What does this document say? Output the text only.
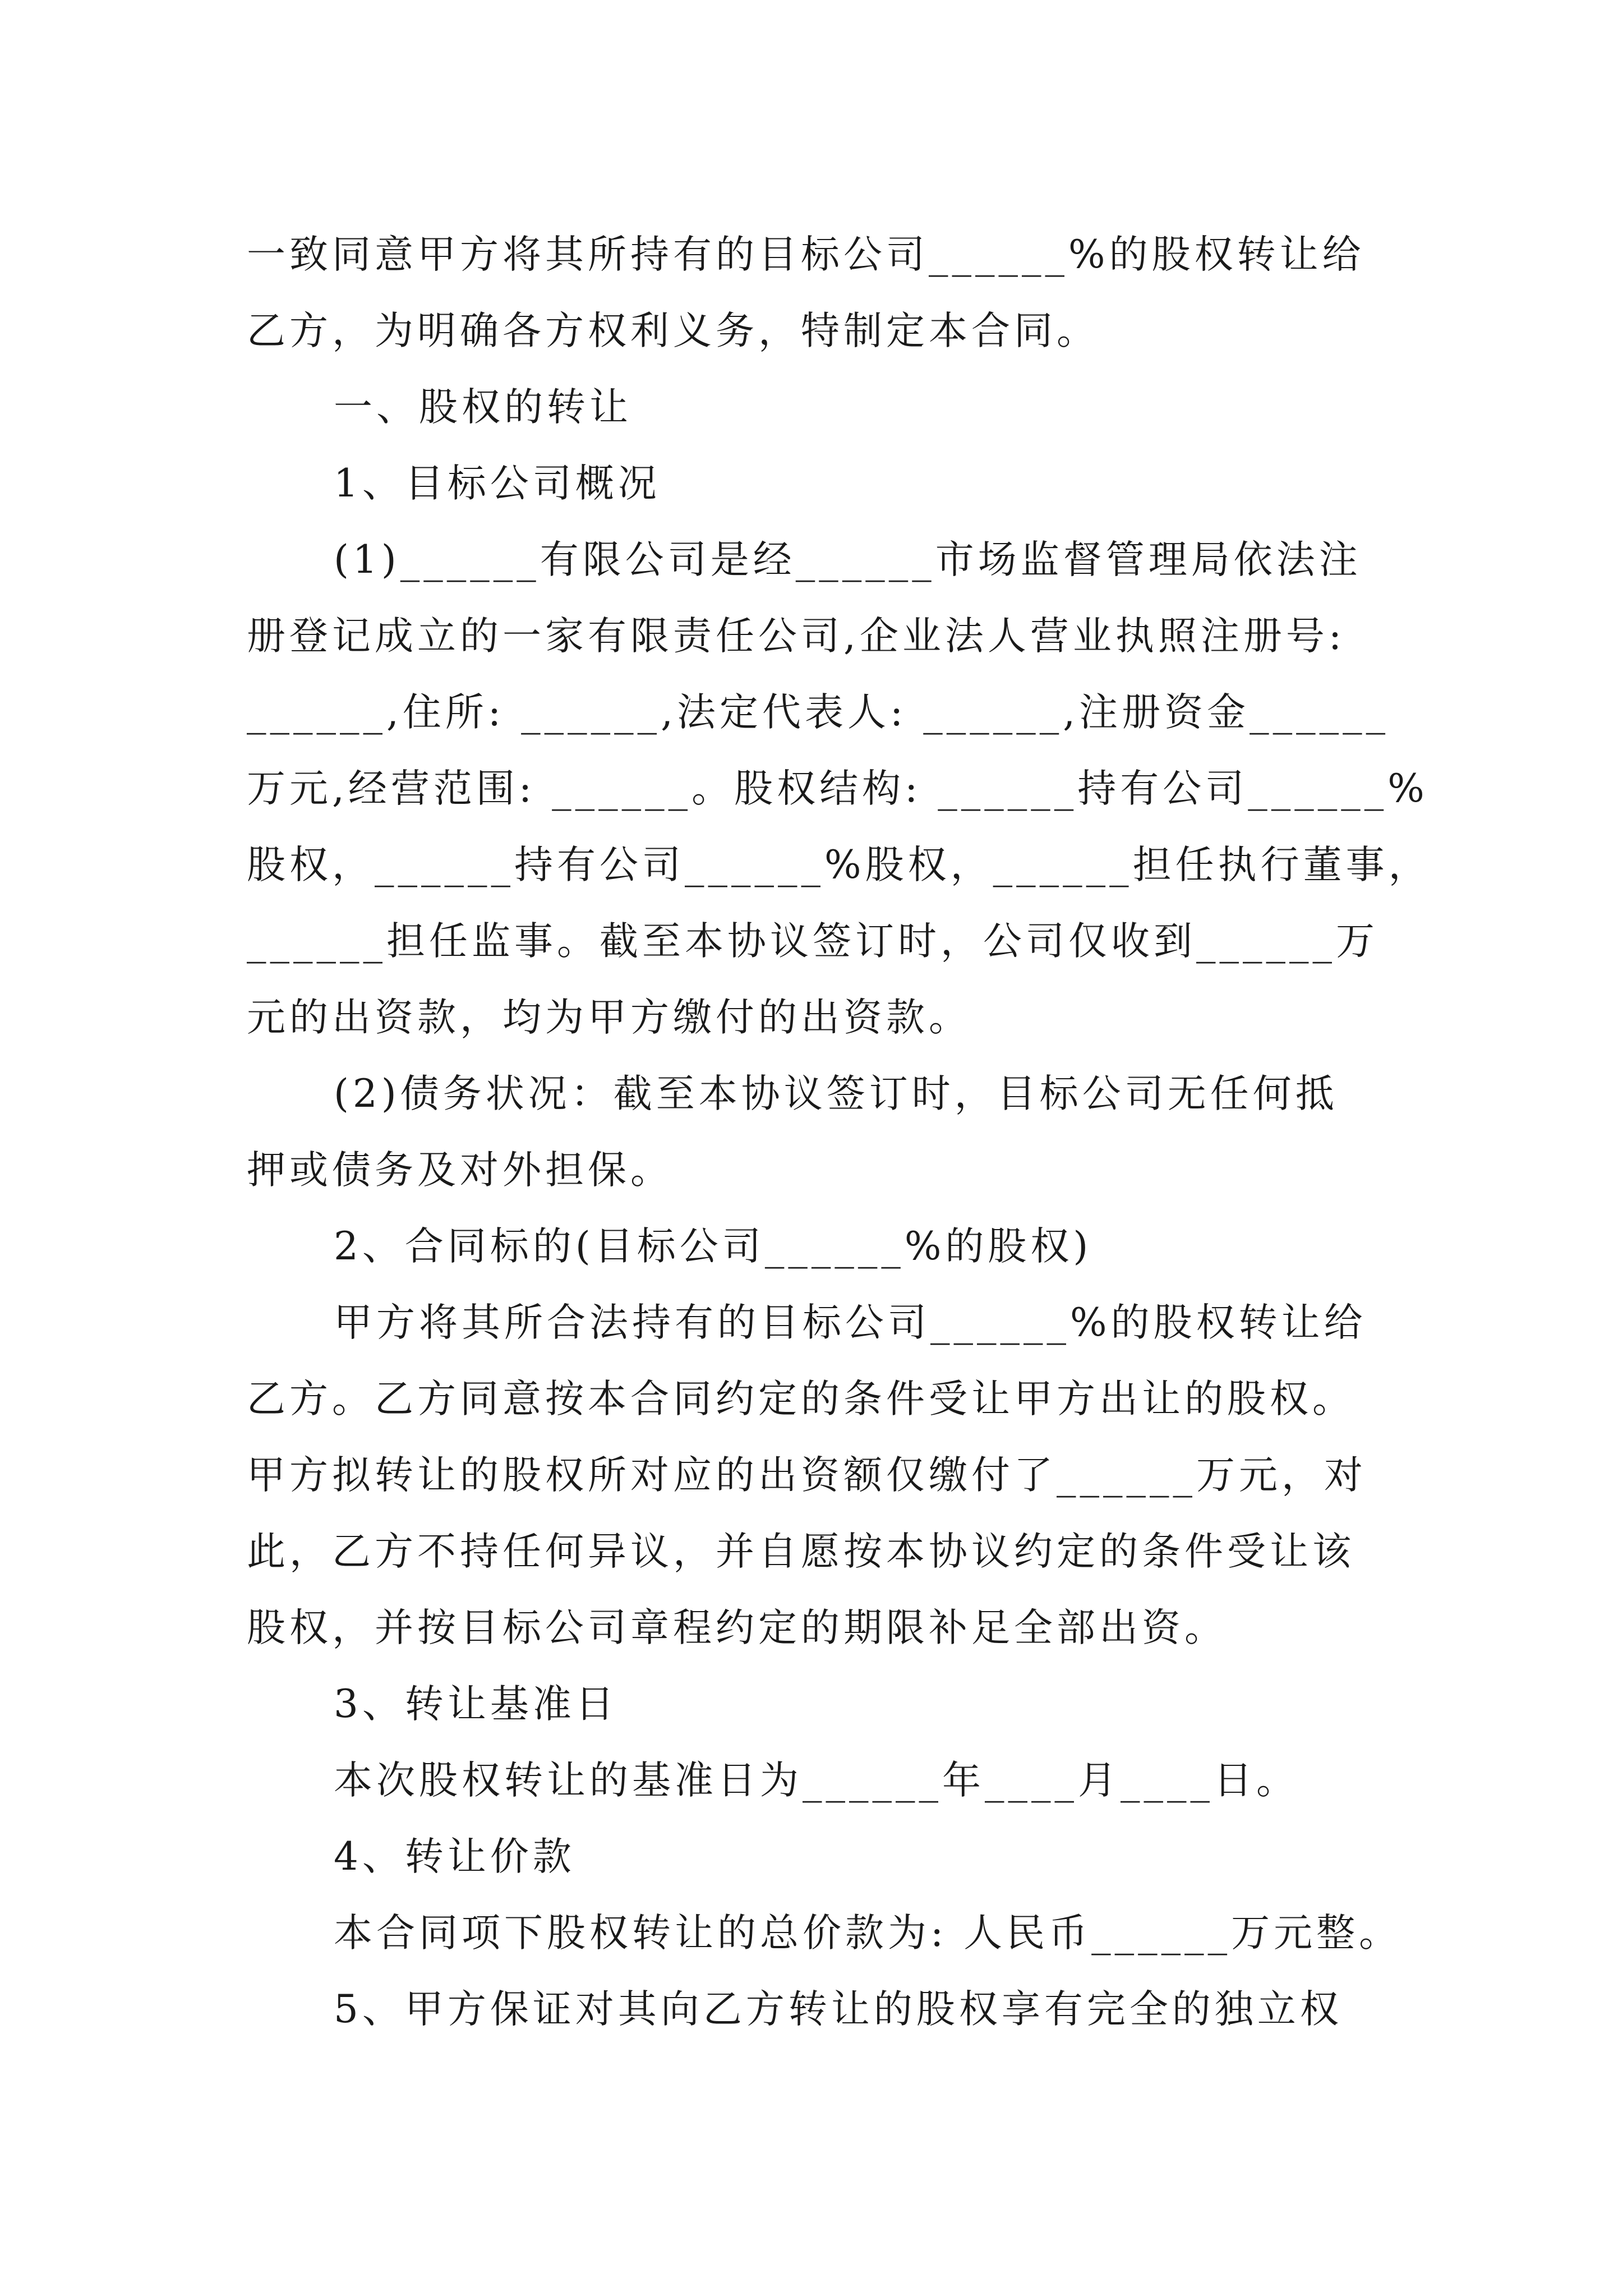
一致同意甲方将其所持有的目标公司______%的股权转让给
乙方，为明确各方权利义务，特制定本合同。
一、股权的转让
1、目标公司概况
(1)______有限公司是经______市场监督管理局依法注
册登记成立的一家有限责任公司,企业法人营业执照注册号:
______,住所: ______,法定代表人: ______,注册资金______
万元,经营范围: ______。股权结构: ______持有公司______%
股权，______持有公司______%股权，______担任执行董事，
______担任监事。截至本协议签订时，公司仅收到______万
元的出资款，均为甲方缴付的出资款。
(2)债务状况：截至本协议签订时，目标公司无任何抵
押或债务及对外担保。
2、合同标的(目标公司______%的股权)
甲方将其所合法持有的目标公司______%的股权转让给
乙方。乙方同意按本合同约定的条件受让甲方出让的股权。
甲方拟转让的股权所对应的出资额仅缴付了______万元，对
此，乙方不持任何异议，并自愿按本协议约定的条件受让该
股权，并按目标公司章程约定的期限补足全部出资。
3、转让基准日
本次股权转让的基准日为______年____月____日。
4、转让价款
本合同项下股权转让的总价款为: 人民币______万元整。
5、甲方保证对其向乙方转让的股权享有完全的独立权
